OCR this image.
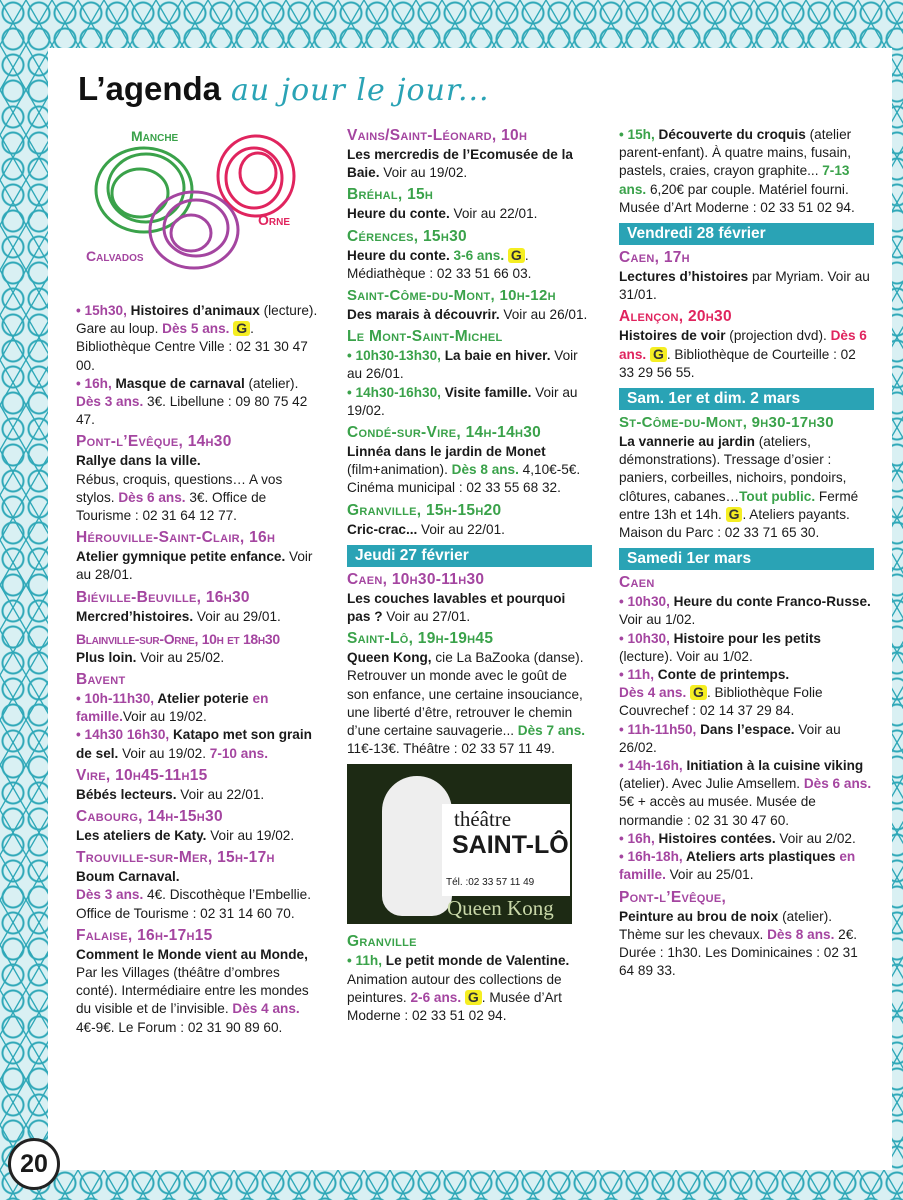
L’agenda au jour le jour...
Manche
Orne
Calvados
• 15h30, Histoires d’animaux (lecture). Gare au loup. Dès 5 ans. G . Bibliothèque Centre Ville : 02 31 30 47 00.
• 16h, Masque de carnaval (atelier). Dès 3 ans. 3€. Libellune : 09 80 75 42 47.
Pont-l’Evêque, 14h30
Rallye dans la ville.
Rébus, croquis, questions… A vos stylos. Dès 6 ans. 3€. Office de Tourisme : 02 31 64 12 77.
Hérouville-Saint-Clair, 16h
Atelier gymnique petite enfance. Voir au 28/01.
Biéville-Beuville, 16h30
Mercred’histoires. Voir au 29/01.
Blainville-sur-Orne, 10h et 18h30
Plus loin. Voir au 25/02.
Bavent
• 10h-11h30, Atelier poterie en famille.Voir au 19/02.
• 14h30 16h30, Katapo met son grain de sel. Voir au 19/02. 7-10 ans.
Vire, 10h45-11h15
Bébés lecteurs. Voir au 22/01.
Cabourg, 14h-15h30
Les ateliers de Katy. Voir au 19/02.
Trouville-sur-Mer, 15h-17h
Boum Carnaval.
Dès 3 ans. 4€. Discothèque l’Embellie. Office de Tourisme : 02 31 14 60 70.
Falaise, 16h-17h15
Comment le Monde vient au Monde, Par les Villages (théâtre d’ombres conté). Intermédiaire entre les mondes du visible et de l’invisible. Dès 4 ans. 4€-9€. Le Forum : 02 31 90 89 60.
Vains/Saint-Léonard, 10h
Les mercredis de l’Ecomusée de la Baie. Voir au 19/02.
Bréhal, 15h
Heure du conte. Voir au 22/01.
Cérences, 15h30
Heure du conte. 3-6 ans. G . Médiathèque : 02 33 51 66 03.
Saint-Côme-du-Mont, 10h-12h
Des marais à découvrir. Voir au 26/01.
Le Mont-Saint-Michel
• 10h30-13h30, La baie en hiver. Voir au 26/01.
• 14h30-16h30, Visite famille. Voir au 19/02.
Condé-sur-Vire, 14h-14h30
Linnéa dans le jardin de Monet (film+animation). Dès 8 ans. 4,10€-5€. Cinéma municipal : 02 33 55 68 32.
Granville, 15h-15h20
Cric-crac... Voir au 22/01.
Jeudi 27 février
Caen, 10h30-11h30
Les couches lavables et pourquoi pas ? Voir au 27/01.
Saint-Lô, 19h-19h45
Queen Kong, cie La BaZooka (danse). Retrouver un monde avec le goût de son enfance, une certaine insouciance, une liberté d’être, retrouver le chemin d’une certaine sauvagerie... Dès 7 ans. 11€-13€. Théâtre : 02 33 57 11 49.
théâtre
SAINT-LÔ
Tél. :02 33 57 11 49
Queen Kong
Granville
• 11h, Le petit monde de Valentine. Animation autour des collections de peintures. 2-6 ans. G . Musée d’Art Moderne : 02 33 51 02 94.
• 15h, Découverte du croquis (atelier parent-enfant). À quatre mains, fusain, pastels, craies, crayon graphite... 7-13 ans. 6,20€ par couple. Matériel fourni. Musée d’Art Moderne : 02 33 51 02 94.
Vendredi 28 février
Caen, 17h
Lectures d’histoires par Myriam. Voir au 31/01.
Alençon, 20h30
Histoires de voir (projection dvd). Dès 6 ans. G . Bibliothèque de Courteille : 02 33 29 56 55.
Sam. 1er et dim. 2 mars
St-Côme-du-Mont, 9h30-17h30
La vannerie au jardin (ateliers, démonstrations). Tressage d’osier : paniers, corbeilles, nichoirs, pondoirs, clôtures, cabanes…Tout public. Fermé entre 13h et 14h. G . Ateliers payants. Maison du Parc : 02 33 71 65 30.
Samedi 1er mars
Caen
• 10h30, Heure du conte Franco-Russe. Voir au 1/02.
• 10h30, Histoire pour les petits (lecture). Voir au 1/02.
• 11h, Conte de printemps.
Dès 4 ans. G . Bibliothèque Folie Couvrechef : 02 14 37 29 84.
• 11h-11h50, Dans l’espace. Voir au 26/02.
• 14h-16h, Initiation à la cuisine viking (atelier). Avec Julie Amsellem. Dès 6 ans. 5€ + accès au musée. Musée de normandie : 02 31 30 47 60.
• 16h, Histoires contées. Voir au 2/02.
• 16h-18h, Ateliers arts plastiques en famille. Voir au 25/01.
Pont-l’Evêque,
Peinture au brou de noix (atelier). Thème sur les chevaux. Dès 8 ans. 2€. Durée : 1h30. Les Dominicaines : 02 31 64 89 33.
20
